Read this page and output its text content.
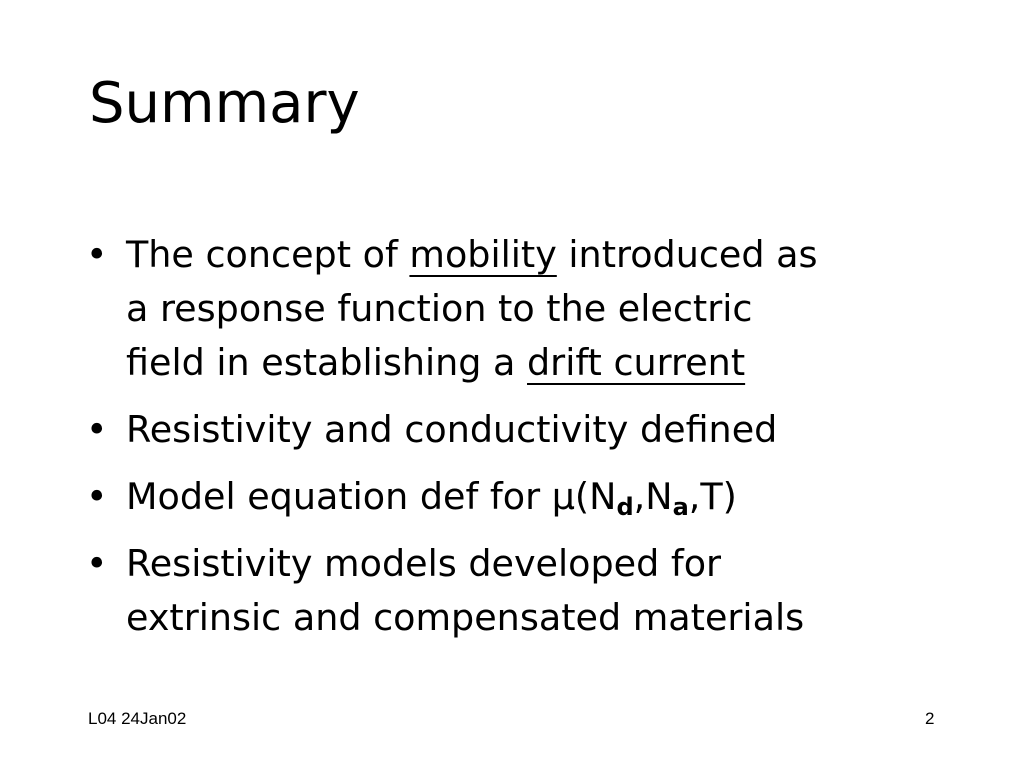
Summary
• The concept of mobility introduced as
a response function to the electric
field in establishing a drift current
• Resistivity and conductivity defined
• Model equation def for $\mu(N_d,N_a,T)$
• Resistivity models developed for
extrinsic and compensated materials
L04 24Jan02	2
